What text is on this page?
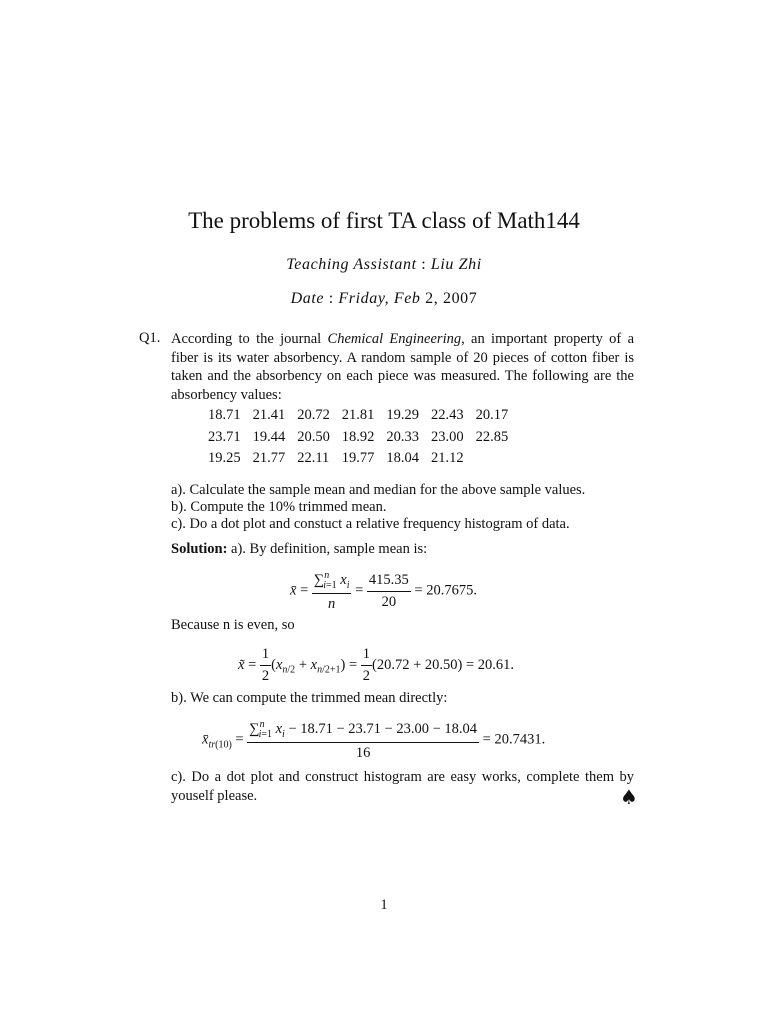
The problems of first TA class of Math144
Teaching Assistant : Liu Zhi
Date : Friday, Feb 2, 2007
Q1. According to the journal Chemical Engineering, an important property of a fiber is its water absorbency. A random sample of 20 pieces of cotton fiber is taken and the absorbency on each piece was measured. The following are the absorbency values:
18.71 21.41 20.72 21.81 19.29 22.43 20.17
23.71 19.44 20.50 18.92 20.33 23.00 22.85
19.25 21.77 22.11 19.77 18.04 21.12
a). Calculate the sample mean and median for the above sample values.
b). Compute the 10% trimmed mean.
c). Do a dot plot and constuct a relative frequency histogram of data.
Solution: a). By definition, sample mean is:
x̄ = $\frac{\sum^n_{i=1} x_i}{n} = \frac{415.35}{20} = 20.7675$.
Because n is even, so
x̃ = $\frac{1}{2} (x_{n/2} + x_{n/2+1}) = \frac{1}{2} (20.72 + 20.50) = 20.61$.
b). We can compute the trimmed mean directly:
$x̄_{tr(10)} = \frac{\sum^n_{i=1} x_i - 18.71 - 23.71 - 23.00 - 18.04}{16} = 20.7431$.
c). Do a dot plot and construct histogram are easy works, complete them by youself please.	♠
1
